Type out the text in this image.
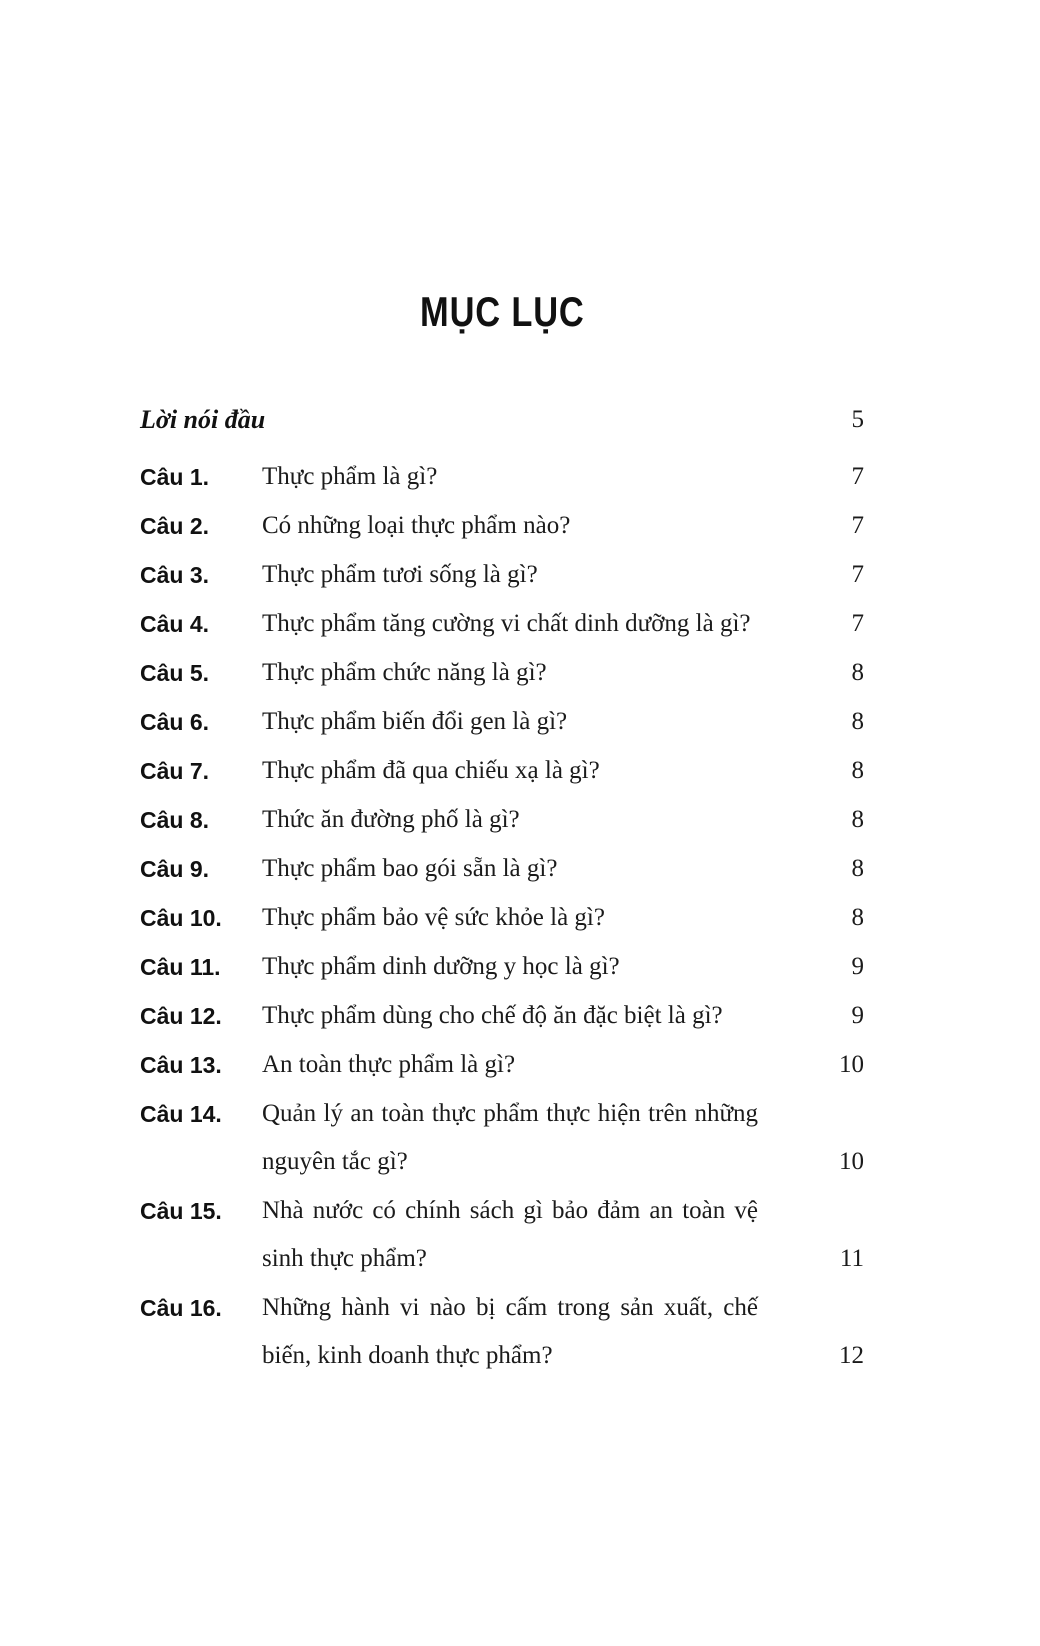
MỤC LỤC
Lời nói đầu	5
Câu 1.	Thực phẩm là gì?	7
Câu 2.	Có những loại thực phẩm nào?	7
Câu 3.	Thực phẩm tươi sống là gì?	7
Câu 4.	Thực phẩm tăng cường vi chất dinh dưỡng là gì?	7
Câu 5.	Thực phẩm chức năng là gì?	8
Câu 6.	Thực phẩm biến đổi gen là gì?	8
Câu 7.	Thực phẩm đã qua chiếu xạ là gì?	8
Câu 8.	Thức ăn đường phố là gì?	8
Câu 9.	Thực phẩm bao gói sẵn là gì?	8
Câu 10.	Thực phẩm bảo vệ sức khỏe là gì?	8
Câu 11.	Thực phẩm dinh dưỡng y học là gì?	9
Câu 12.	Thực phẩm dùng cho chế độ ăn đặc biệt là gì?	9
Câu 13.	An toàn thực phẩm là gì?	10
Câu 14.	Quản lý an toàn thực phẩm thực hiện trên những nguyên tắc gì?	10
Câu 15.	Nhà nước có chính sách gì bảo đảm an toàn vệ sinh thực phẩm?	11
Câu 16.	Những hành vi nào bị cấm trong sản xuất, chế biến, kinh doanh thực phẩm?	12
